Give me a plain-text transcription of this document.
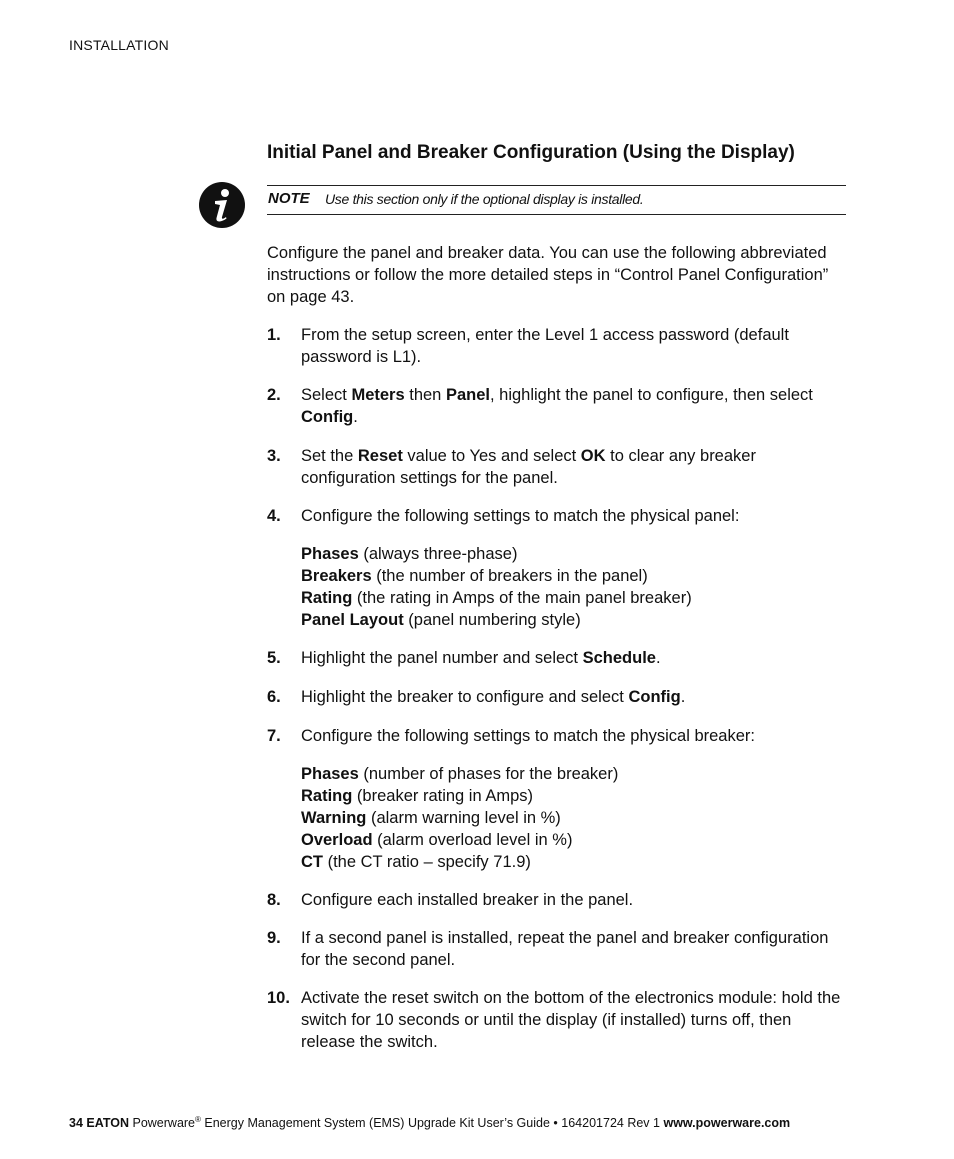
INSTALLATION
Initial Panel and Breaker Configuration (Using the Display)
NOTE Use this section only if the optional display is installed.
Configure the panel and breaker data. You can use the following abbreviated instructions or follow the more detailed steps in “Control Panel Configuration” on page 43.
1. From the setup screen, enter the Level 1 access password (default password is L1).
2. Select Meters then Panel, highlight the panel to configure, then select Config.
3. Set the Reset value to Yes and select OK to clear any breaker configuration settings for the panel.
4. Configure the following settings to match the physical panel:
Phases (always three-phase)
Breakers (the number of breakers in the panel)
Rating (the rating in Amps of the main panel breaker)
Panel Layout (panel numbering style)
5. Highlight the panel number and select Schedule.
6. Highlight the breaker to configure and select Config.
7. Configure the following settings to match the physical breaker:
Phases (number of phases for the breaker)
Rating (breaker rating in Amps)
Warning (alarm warning level in %)
Overload (alarm overload level in %)
CT (the CT ratio – specify 71.9)
8. Configure each installed breaker in the panel.
9. If a second panel is installed, repeat the panel and breaker configuration for the second panel.
10. Activate the reset switch on the bottom of the electronics module: hold the switch for 10 seconds or until the display (if installed) turns off, then release the switch.
34 EATON Powerware® Energy Management System (EMS) Upgrade Kit User’s Guide • 164201724 Rev 1 www.powerware.com
